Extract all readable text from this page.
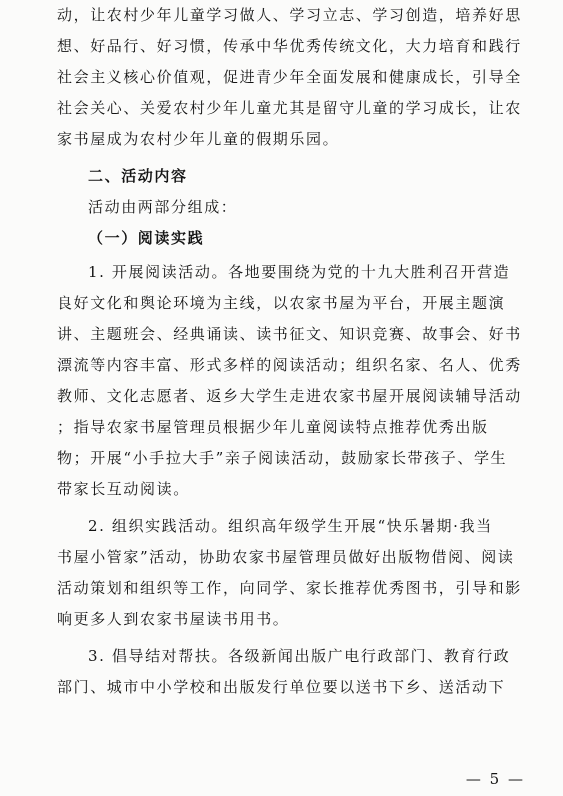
动，让农村少年儿童学习做人、学习立志、学习创造，培养好思
想、好品行、好习惯，传承中华优秀传统文化，大力培育和践行
社会主义核心价值观，促进青少年全面发展和健康成长，引导全
社会关心、关爱农村少年儿童尤其是留守儿童的学习成长，让农
家书屋成为农村少年儿童的假期乐园。
二、活动内容
活动由两部分组成：
（一）阅读实践
1. 开展阅读活动。各地要围绕为党的十九大胜利召开营造
良好文化和舆论环境为主线，以农家书屋为平台，开展主题演
讲、主题班会、经典诵读、读书征文、知识竞赛、故事会、好书
漂流等内容丰富、形式多样的阅读活动；组织名家、名人、优秀
教师、文化志愿者、返乡大学生走进农家书屋开展阅读辅导活动
；指导农家书屋管理员根据少年儿童阅读特点推荐优秀出版
物；开展“小手拉大手”亲子阅读活动，鼓励家长带孩子、学生
带家长互动阅读。
2. 组织实践活动。组织高年级学生开展“快乐暑期·我当
书屋小管家”活动，协助农家书屋管理员做好出版物借阅、阅读
活动策划和组织等工作，向同学、家长推荐优秀图书，引导和影
响更多人到农家书屋读书用书。
3. 倡导结对帮扶。各级新闻出版广电行政部门、教育行政
部门、城市中小学校和出版发行单位要以送书下乡、送活动下
— 5 —
